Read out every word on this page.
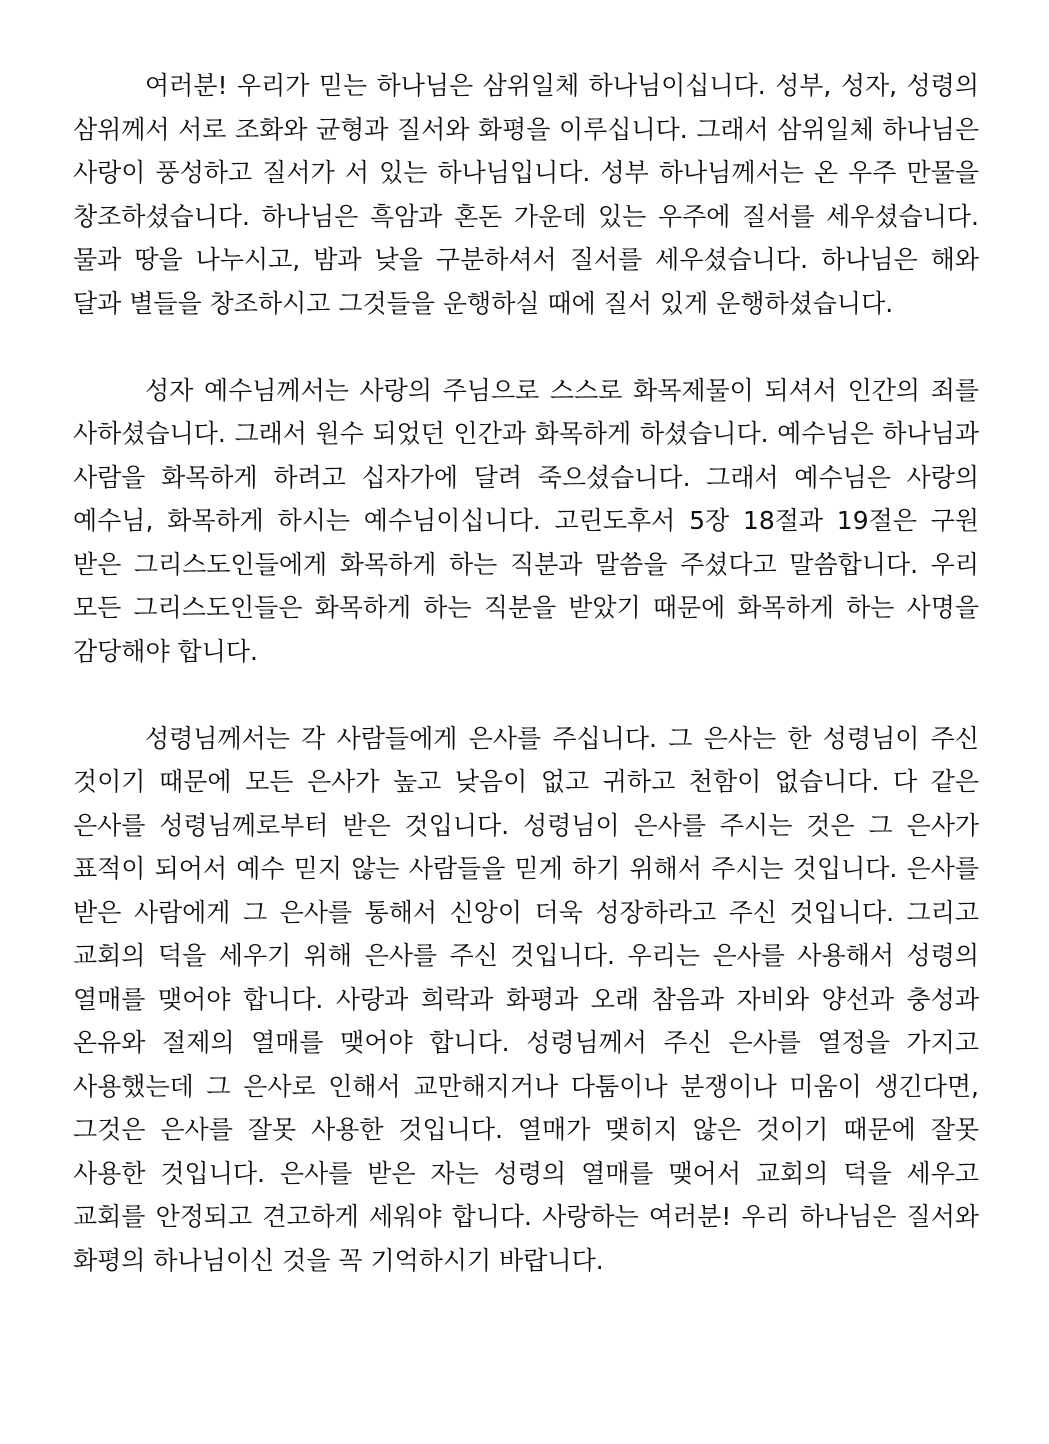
여러분! 우리가 믿는 하나님은 삼위일체 하나님이십니다. 성부, 성자, 성령의 삼위께서 서로 조화와 균형과 질서와 화평을 이루십니다. 그래서 삼위일체 하나님은 사랑이 풍성하고 질서가 서 있는 하나님입니다. 성부 하나님께서는 온 우주 만물을 창조하셨습니다. 하나님은 흑암과 혼돈 가운데 있는 우주에 질서를 세우셨습니다. 물과 땅을 나누시고, 밤과 낮을 구분하셔서 질서를 세우셨습니다. 하나님은 해와 달과 별들을 창조하시고 그것들을 운행하실 때에 질서 있게 운행하셨습니다.

성자 예수님께서는 사랑의 주님으로 스스로 화목제물이 되셔서 인간의 죄를 사하셨습니다. 그래서 원수 되었던 인간과 화목하게 하셨습니다. 예수님은 하나님과 사람을 화목하게 하려고 십자가에 달려 죽으셨습니다. 그래서 예수님은 사랑의 예수님, 화목하게 하시는 예수님이십니다. 고린도후서 5장 18절과 19절은 구원 받은 그리스도인들에게 화목하게 하는 직분과 말씀을 주셨다고 말씀합니다. 우리 모든 그리스도인들은 화목하게 하는 직분을 받았기 때문에 화목하게 하는 사명을 감당해야 합니다.

성령님께서는 각 사람들에게 은사를 주십니다. 그 은사는 한 성령님이 주신 것이기 때문에 모든 은사가 높고 낮음이 없고 귀하고 천함이 없습니다. 다 같은 은사를 성령님께로부터 받은 것입니다. 성령님이 은사를 주시는 것은 그 은사가 표적이 되어서 예수 믿지 않는 사람들을 믿게 하기 위해서 주시는 것입니다. 은사를 받은 사람에게 그 은사를 통해서 신앙이 더욱 성장하라고 주신 것입니다. 그리고 교회의 덕을 세우기 위해 은사를 주신 것입니다. 우리는 은사를 사용해서 성령의 열매를 맺어야 합니다. 사랑과 희락과 화평과 오래 참음과 자비와 양선과 충성과 온유와 절제의 열매를 맺어야 합니다. 성령님께서 주신 은사를 열정을 가지고 사용했는데 그 은사로 인해서 교만해지거나 다툼이나 분쟁이나 미움이 생긴다면, 그것은 은사를 잘못 사용한 것입니다. 열매가 맺히지 않은 것이기 때문에 잘못 사용한 것입니다. 은사를 받은 자는 성령의 열매를 맺어서 교회의 덕을 세우고 교회를 안정되고 견고하게 세워야 합니다. 사랑하는 여러분! 우리 하나님은 질서와 화평의 하나님이신 것을 꼭 기억하시기 바랍니다.
